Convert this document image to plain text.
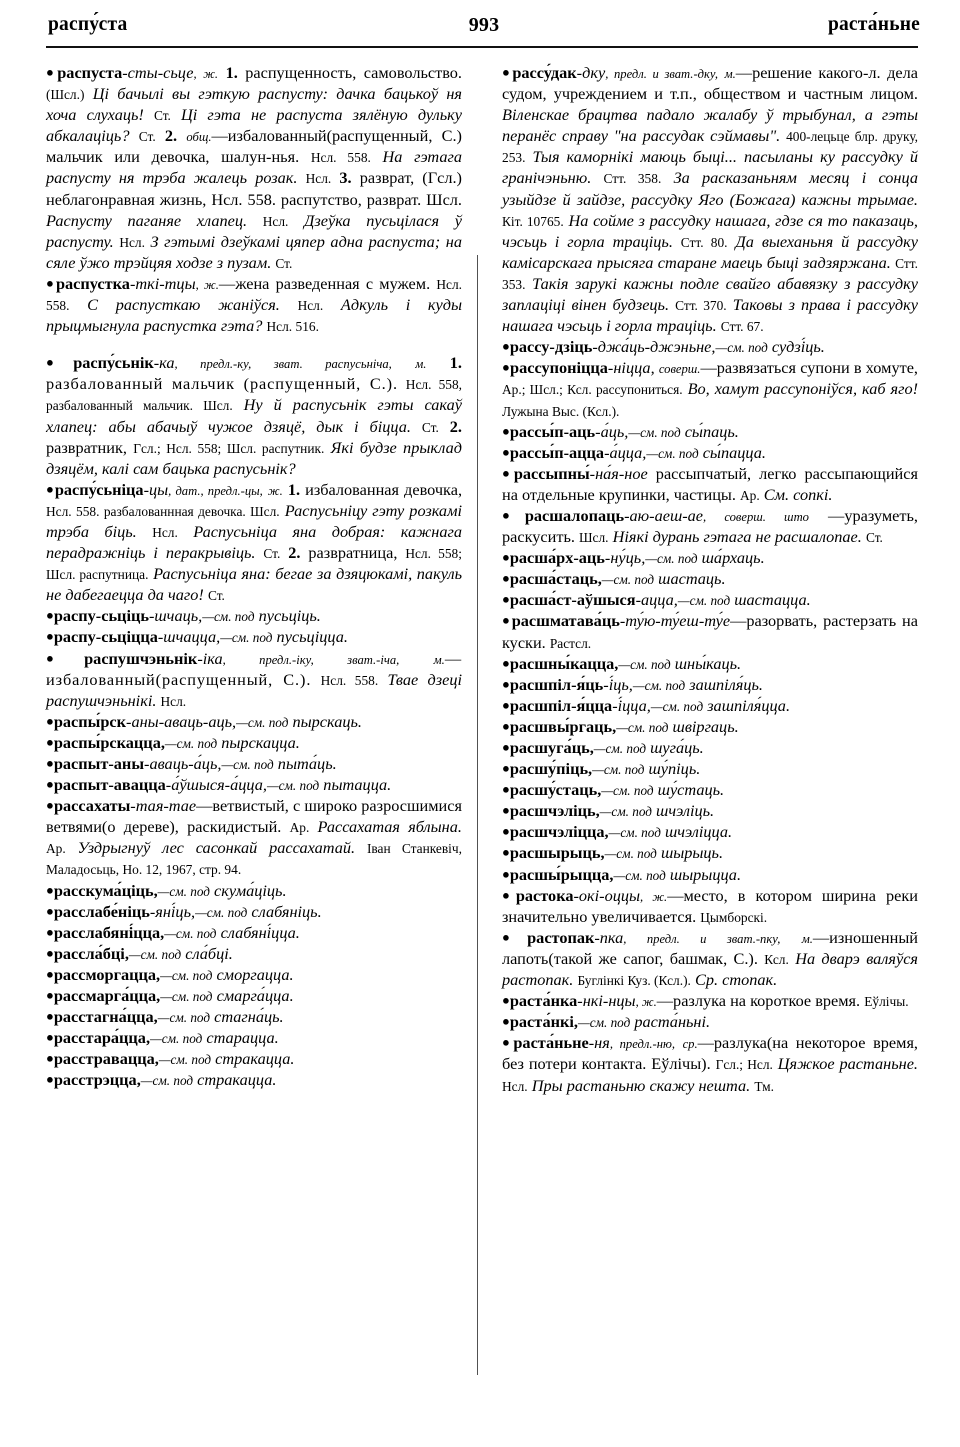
распу́ста	993	раста́ньне

●распуста-сты-сьце, ж. 1. распущенность, самовольство. (Шсл.) Ці бачылі вы гэткую распусту: дачка бацькоў ня хоча слухаць! Ст. Ці гэта не распуста зялёную дульку абкалаціць? Ст. 2. общ.—избалованный(распущенный, С.) мальчик или девочка, шалун-нья. Нсл. 558. На гэтага распусту ня трэба жалець розак. Нсл. 3. разврат, (Гсл.) неблагонравная жизнь, Нсл. 558. распутство, разврат. Шсл. Распусту паганяе хлапец. Нсл. Дзеўка пусьцілася ў распусту. Нсл. З гэтымі дзеўкамі цяпер адна распуста; на сяле ўжо трэйцяя ходзе з пузам. Ст.

●распустка-ткі-тцы, ж.—жена разведенная с мужем. Нсл. 558. С распусткаю жаніўся. Нсл. Адкуль і куды прыцмыгнула распустка гэта? Нсл. 516.

●распу́сьнік-ка, предл.-ку, зват. распусьніча, м. 1. разбалованный мальчик (распущенный, С.). Нсл. 558, разбалованный мальчик. Шсл. Ну й распусьнік гэты сакаў хлапец: абы абачыў чужое дзяцё, дык і біцца. Ст. 2. развратник, Гсл.; Нсл. 558; Шсл. распутник. Які будзе прыклад дзяцём, калі сам бацька распусьнік?

●распу́сьніца-цы, дат., предл.-цы, ж. 1. избалованная девочка, Нсл. 558. разбалованнная девочка. Шсл. Распусьніцу гэту розкамі трэба біць. Нсл. Распусьніца яна добрая: кажнага перадражніць і перакрывіць. Ст. 2. развратница, Нсл. 558; Шсл. распутница. Распусьніца яна: бегае за дзяцюкамі, пакуль не дабегаецца да чаго! Ст.

●распу-сьціць-шчаць,—см. под пусьціць.

●распу-сьціцца-шчацца,—см. под пусьціцца.

●распушчэньнік-іка, предл.-іку, зват.-іча,	м.—избалованный(распущенный, С.). Нсл. 558. Твае дзеці распушчэньнікі. Нсл.

●распы́рск-аны-аваць-аць,—см. под пырскаць.

●распы́рскацца,—см. под пырскацца.

●распыт-аны-аваць-а́ць,—см. под пыта́ць.

●распыт-авацца-а́ўшыся-а́цца,—см. под пытацца.

●рассахаты-тая-тае—ветвистый, с широко разросшимися ветвями(о дереве), раскидистый. Ар. Рассахатая яблына. Ар. Уздрыгнуў лес сасонкай рассахатай. Іван Станкевіч, Маладосьць, Но. 12, 1967, стр. 94.

●расскума́ціць,—см. под скума́ціць.

●расслабе́ніць-яні́ць,—см. под слабяніць.

●расслабяні́цца,—см. под слабяні́цца.

●рассла́бці,—см. под сла́бці.

●рассморгацца,—см. под сморгацца.

●рассмарга́цца,—см. под смарга́цца.

●расстагна́цца,—см. под стагна́ць.

●расстара́цца,—см. под старацца.

●расстравацца,—см. под стракацца.

●расстрэцца,—см. под стракацца.

●рассу́дак-дку, предл. и зват.-дку, м.—решение какого-л. дела судом, учреждением и т.п., обществом и частным лицом. Віленскае брацтва падало жалабу ў трыбунал, а гэты перанёс справу "на рассудак сэймавы". 400-лецьце блр. друку, 253. Тыя каморнікі маюць быці... пасыланы ку рассудку й гранічэньню. Стт. 358. За расказаньням месяц і сонца узыйдзе й зайдзе, рассудку Яго (Божага) кажны трымае. Кіт. 10765. На сойме з рассудку нашага, гдзе ся то паказаць, чэсьць і горла траціць. Стт. 80. Да выеханьня й рассудку камісарскага прысяга старане маець быці задзяржана. Стт. 353. Такія зарукі кажны подле свайго абавязку з рассудку заплаціці вінен будзець. Стт. 370. Таковы з права і рассудку нашага чэсьць і горла траціць. Стт. 67.

●рассу-дзіць-джа́ць-джэньне,—см. под судзі́ць.

●рассупоніцца-ніцца, соверш.—развязаться супони в хомуте, Ар.; Шсл.; Ксл. рассупониться. Во, хамут рассупоніўся, каб яго! Лужына Выс. (Ксл.).

●рассы́п-аць-а́ць,—см. под сы́паць.

●рассы́п-ацца-а́цца,—см. под сы́пацца.

●рассыпны́-на́я-ное рассыпчатый, легко рассыпающийся на отдельные крупинки, частицы. Ар. См. сопкі.

●расшалопаць-аю-аеш-ае, соверш. што —уразуметь, раскусить. Шсл. Ніякі дурань гэтага не расшалопае. Ст.

●расша́рх-аць-ну́ць,—см. под ша́рхаць.

●расша́стаць,—см. под шастаць.

●расша́ст-аўшыся-ацца,—см. под шастацца.

●расшматава́ць-ту́ю-ту́еш-ту́е—разорвать, растерзать на куски. Растсл.

●расшны́кацца,—см. под шны́каць.

●расшпіл-я́ць-і́ць,—см. под зашпіля́ць.

●расшпіл-я́цца-і́цца,—см. под зашпіля́цца.

●расшвы́ргаць,—см. под швіргаць.

●расшуга́ць,—см. под шуга́ць.

●расшу́піць,—см. под шу́піць.

●расшу́стаць,—см. под шу́стаць.

●расшчэліць,—см. под шчэліць.

●расшчэліцца,—см. под шчэліцца.

●расшырыць,—см. под шырыць.

●расшы́рыцца,—см. под шырыцца.

●растока-окі-оццы, ж.—место, в котором ширина реки значительно увеличивается. Цымборскі.

●растопак-пка, предл. и зват.-пку, м.—изношенный лапоть(такой же сапог, башмак, С.). Ксл. На дварэ валяўся растопак. Буглінкі Куз. (Ксл.). Ср. стопак.

●раста́нка-нкі-нцы, ж.—разлука на короткое время. Еўлічы.

●раста́нкі,—см. под раста́ньні.

●раста́ньне-ня, предл.-ню, ср.—разлука(на некоторое время, без потери контакта. Еўлічы). Гсл.; Нсл. Цяжкое растаньне. Нсл. Пры растаньню скажу нешта. Тм.
